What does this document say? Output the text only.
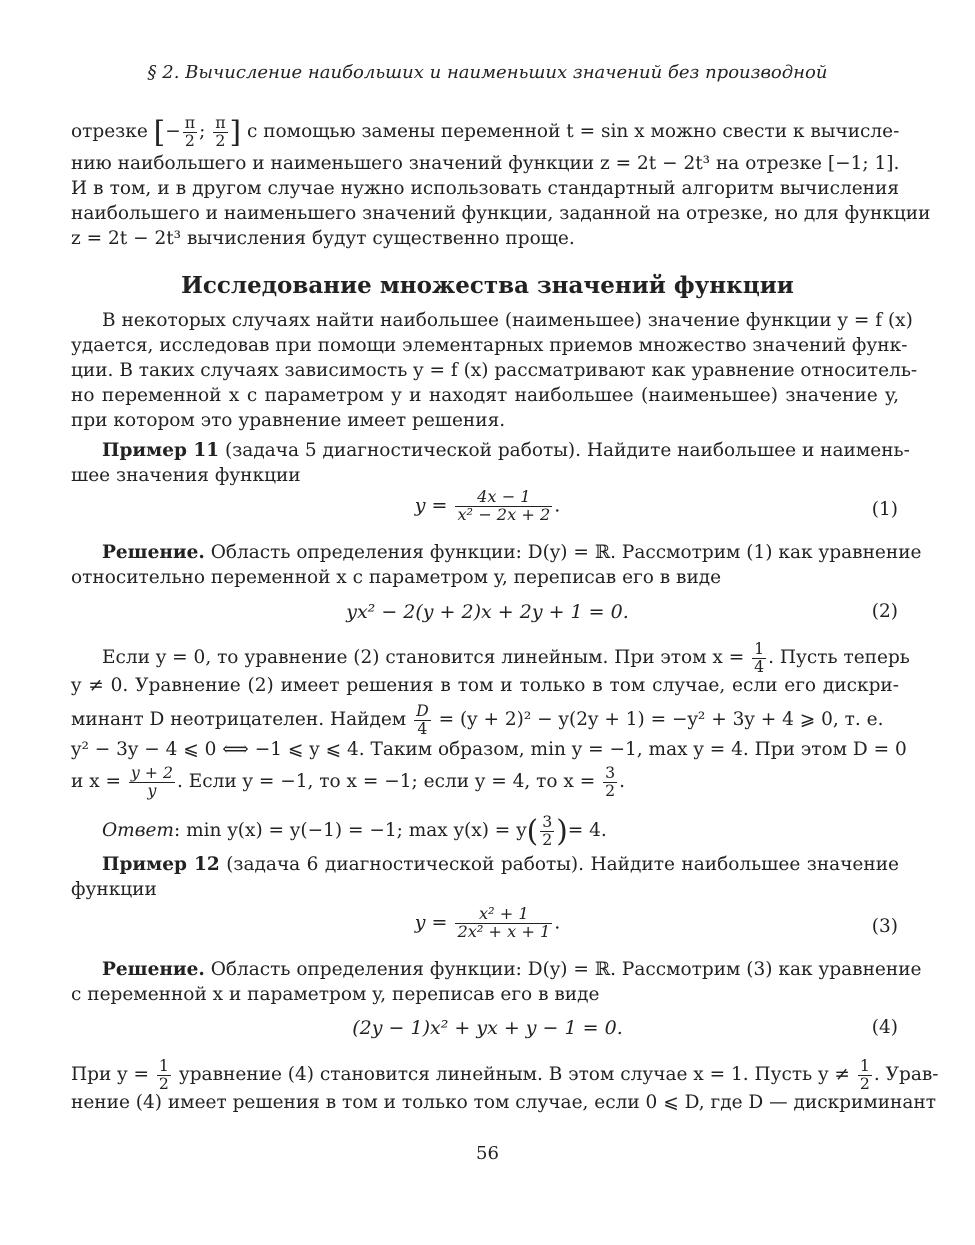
§ 2. Вычисление наибольших и наименьших значений без производной
отрезке [− $\frac{\pi}{2}$ ; $\frac{\pi}{2}$ ] с помощью замены переменной t = sin x можно свести к вычисле-
нию наибольшего и наименьшего значений функции z = 2t − 2t³ на отрезке [−1; 1].
И в том, и в другом случае нужно использовать стандартный алгоритм вычисления
наибольшего и наименьшего значений функции, заданной на отрезке, но для функции
z = 2t − 2t³ вычисления будут существенно проще.
Исследование множества значений функции
В некоторых случаях найти наибольшее (наименьшее) значение функции y = f (x)
удается, исследовав при помощи элементарных приемов множество значений функ-
ции. В таких случаях зависимость y = f (x) рассматривают как уравнение относитель-
но переменной x с параметром y и находят наибольшее (наименьшее) значение y,
при котором это уравнение имеет решения.
Пример 11 (задача 5 диагностической работы). Найдите наибольшее и наимень-
шее значения функции
$y = \frac{4x - 1}{\text{x² − 2x + 2}}$ .	(1)
Решение. Область определения функции: D(y) = ℝ. Рассмотрим (1) как уравнение
относительно переменной x с параметром y, переписав его в виде
yx² − 2(y + 2)x + 2y + 1 = 0.	(2)
Если y = 0, то уравнение (2) становится линейным. При этом $x = \frac{1}{4}$ . Пусть теперь
y ≠ 0. Уравнение (2) имеет решения в том и только в том случае, если его дискри-
минант D неотрицателен. Найдем $\frac{D}{4} = (y + 2)^2 - y(2y + 1) = -y^2 + 3y + 4$ ⩾ 0, т. е.
y² − 3y − 4 ⩽ 0 ⟺ −1 ⩽ y ⩽ 4. Таким образом, min y = −1, max y = 4. При этом D = 0
и $x = \frac{y + 2}{y}$ . Если y = −1, то x = −1; если y = 4, то $x = \frac{3}{2}$ .
Ответ: min y(x) = y(−1) = −1; $\max y(x) = y( \frac{3}{2}$ )= 4.
Пример 12 (задача 6 диагностической работы). Найдите наибольшее значение
функции
$y = \frac{\text{x² + 1}}{\text{2x² + x + 1}}$ .	(3)
Решение. Область определения функции: D(y) = ℝ. Рассмотрим (3) как уравнение
с переменной x и параметром y, переписав его в виде
(2y − 1)x² + yx + y − 1 = 0.	(4)
При $y = \frac{1}{2}$ уравнение (4) становится линейным. В этом случае x = 1. Пусть $y \ne \frac{1}{2}$ . Урав-
нение (4) имеет решения в том и только том случае, если 0 ⩽ D, где D — дискриминант
56
